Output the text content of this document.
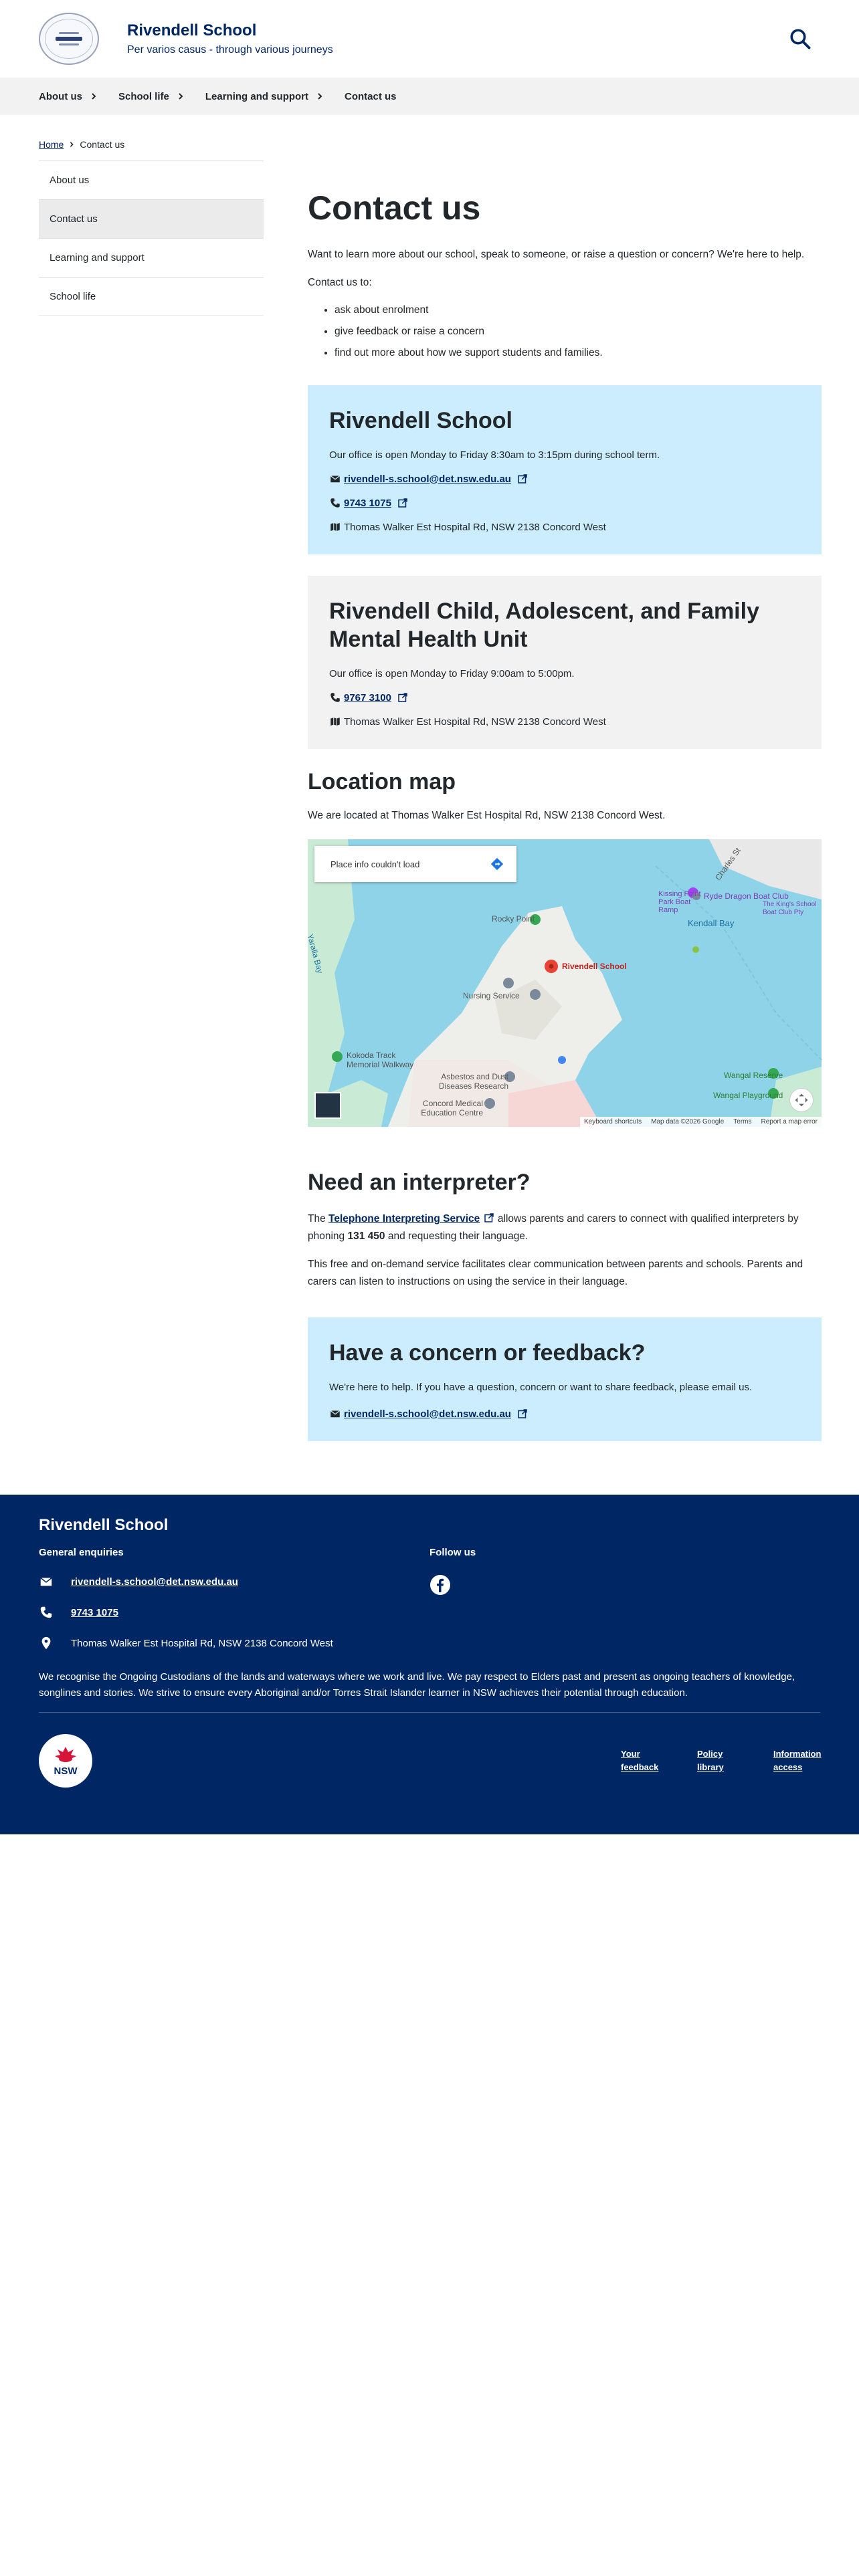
Rivendell School
Per varios casus - through various journeys
About us	School life	Learning and support	Contact us
Home Contact us
About us
Contact us
Learning and support
School life
Contact us

Want to learn more about our school, speak to someone, or raise a question or concern? We're here to help.

Contact us to:

• ask about enrolment
• give feedback or raise a concern
• find out more about how we support students and families.
Rivendell School

Our office is open Monday to Friday 8:30am to 3:15pm during school term.

rivendell-s.school@det.nsw.edu.au
9743 1075
Thomas Walker Est Hospital Rd, NSW 2138 Concord West
Rivendell Child, Adolescent, and Family Mental Health Unit

Our office is open Monday to Friday 9:00am to 5:00pm.

9767 3100
Thomas Walker Est Hospital Rd, NSW 2138 Concord West
Location map

We are located at Thomas Walker Est Hospital Rd, NSW 2138 Concord West.

Place info couldn't load
Rivendell School
Nursing Service
Rocky Point
Kokoda Track Memorial Walkway
Asbestos and Dust Diseases Research
Concord Medical Education Centre
Kendall Bay
Ryde Dragon Boat Club
Kissing Point Park Boat Ramp
Wangal Reserve
Wangal Playground
Yaralla Bay
Charles St
The King's School Boat Club Pty
Keyboard shortcuts Map data ©2026 Google Terms Report a map error
Need an interpreter?

The Telephone Interpreting Service allows parents and carers to connect with qualified interpreters by phoning 131 450 and requesting their language.

This free and on-demand service facilitates clear communication between parents and schools. Parents and carers can listen to instructions on using the service in their language.

Have a concern or feedback?

We're here to help. If you have a question, concern or want to share feedback, please email us.

rivendell-s.school@det.nsw.edu.au
Rivendell School
General enquiries
rivendell-s.school@det.nsw.edu.au
9743 1075
Thomas Walker Est Hospital Rd, NSW 2138 Concord West
Follow us

We recognise the Ongoing Custodians of the lands and waterways where we work and live. We pay respect to Elders past and present as ongoing teachers of knowledge, songlines and stories. We strive to ensure every Aboriginal and/or Torres Strait Islander learner in NSW achieves their potential through education.

NSW
Your feedback
Policy library
Information access
